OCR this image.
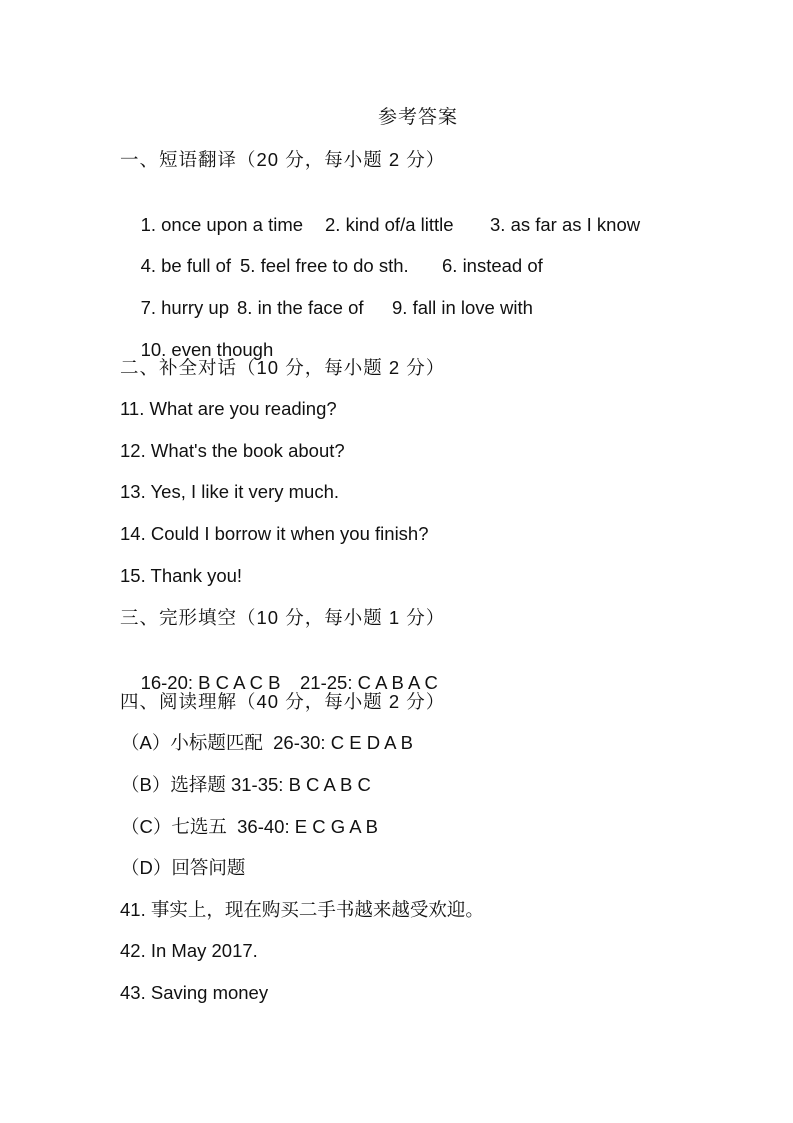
参考答案
一、短语翻译（20 分，每小题 2 分）

1. once upon a time 2. kind of/a little 3. as far as I know

4. be full of 5. feel free to do sth. 6. instead of

7. hurry up 8. in the face of 9. fall in love with

10. even though

二、补全对话（10 分，每小题 2 分）
11. What are you reading?
12. What's the book about?
13. Yes, I like it very much.
14. Could I borrow it when you finish?
15. Thank you!
三、完形填空（10 分，每小题 1 分）

16-20: B C A C B 21-25: C A B A C

四、阅读理解（40 分，每小题 2 分）
（A）小标题匹配  26-30: C E D A B
（B）选择题 31-35: B C A B C
（C）七选五  36-40: E C G A B
（D）回答问题
41. 事实上，现在购买二手书越来越受欢迎。
42. In May 2017.
43. Saving money
